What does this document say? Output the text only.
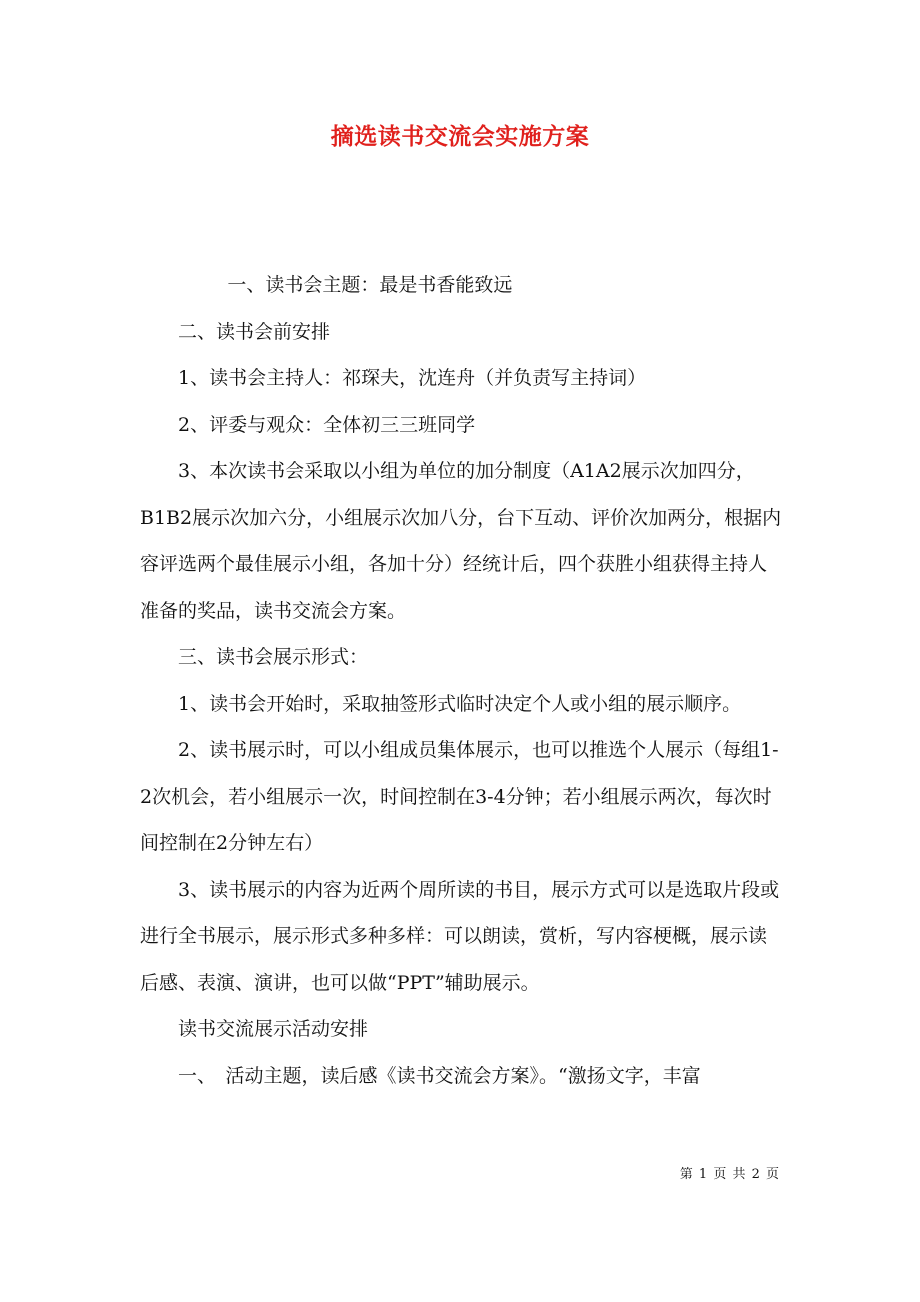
摘选读书交流会实施方案

一、读书会主题：最是书香能致远

二、读书会前安排

1、读书会主持人：祁琛夫，沈连舟（并负责写主持词）

2、评委与观众：全体初三三班同学

3、本次读书会采取以小组为单位的加分制度（A1A2展示次加四分，B1B2展示次加六分，小组展示次加八分，台下互动、评价次加两分，根据内容评选两个最佳展示小组，各加十分）经统计后，四个获胜小组获得主持人准备的奖品，读书交流会方案。

三、读书会展示形式：

1、读书会开始时，采取抽签形式临时决定个人或小组的展示顺序。

2、读书展示时，可以小组成员集体展示，也可以推选个人展示（每组1-2次机会，若小组展示一次，时间控制在3-4分钟；若小组展示两次，每次时间控制在2分钟左右）

3、读书展示的内容为近两个周所读的书目，展示方式可以是选取片段或进行全书展示，展示形式多种多样：可以朗读，赏析，写内容梗概，展示读后感、表演、演讲，也可以做“PPT”辅助展示。

读书交流展示活动安排

一、　活动主题，读后感《读书交流会方案》。“激扬文字，丰富

第 1 页 共 2 页
